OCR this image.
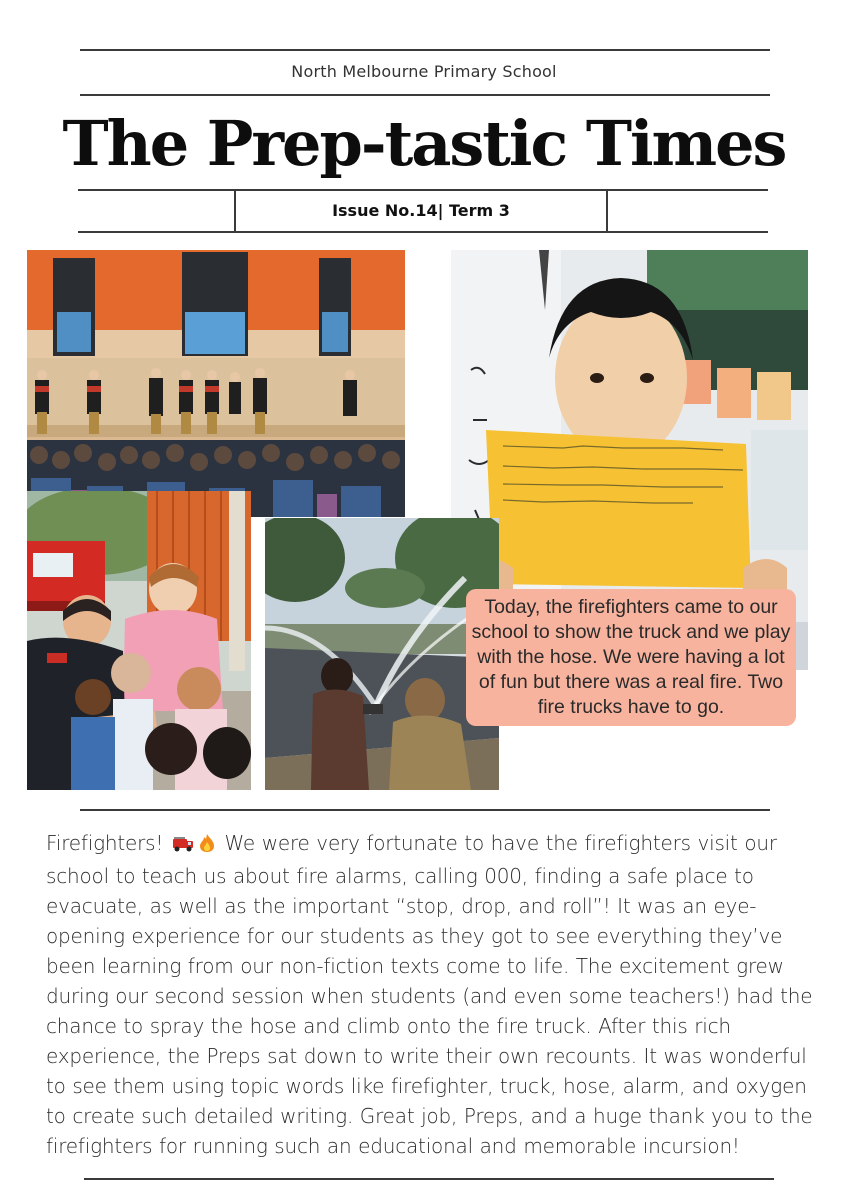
North Melbourne Primary School
The Prep-tastic Times
Issue No.14| Term 3
Today, the firefighters came to our school to show the truck and we play with the hose. We were having a lot of fun but there was a real fire. Two fire trucks have to go.
Firefighters!	We were very fortunate to have the firefighters visit our school to teach us about fire alarms, calling 000, finding a safe place to evacuate, as well as the important “stop, drop, and roll”! It was an eye-opening experience for our students as they got to see everything they’ve been learning from our non-fiction texts come to life. The excitement grew during our second session when students (and even some teachers!) had the chance to spray the hose and climb onto the fire truck. After this rich experience, the Preps sat down to write their own recounts. It was wonderful to see them using topic words like firefighter, truck, hose, alarm, and oxygen to create such detailed writing. Great job, Preps, and a huge thank you to the firefighters for running such an educational and memorable incursion!
